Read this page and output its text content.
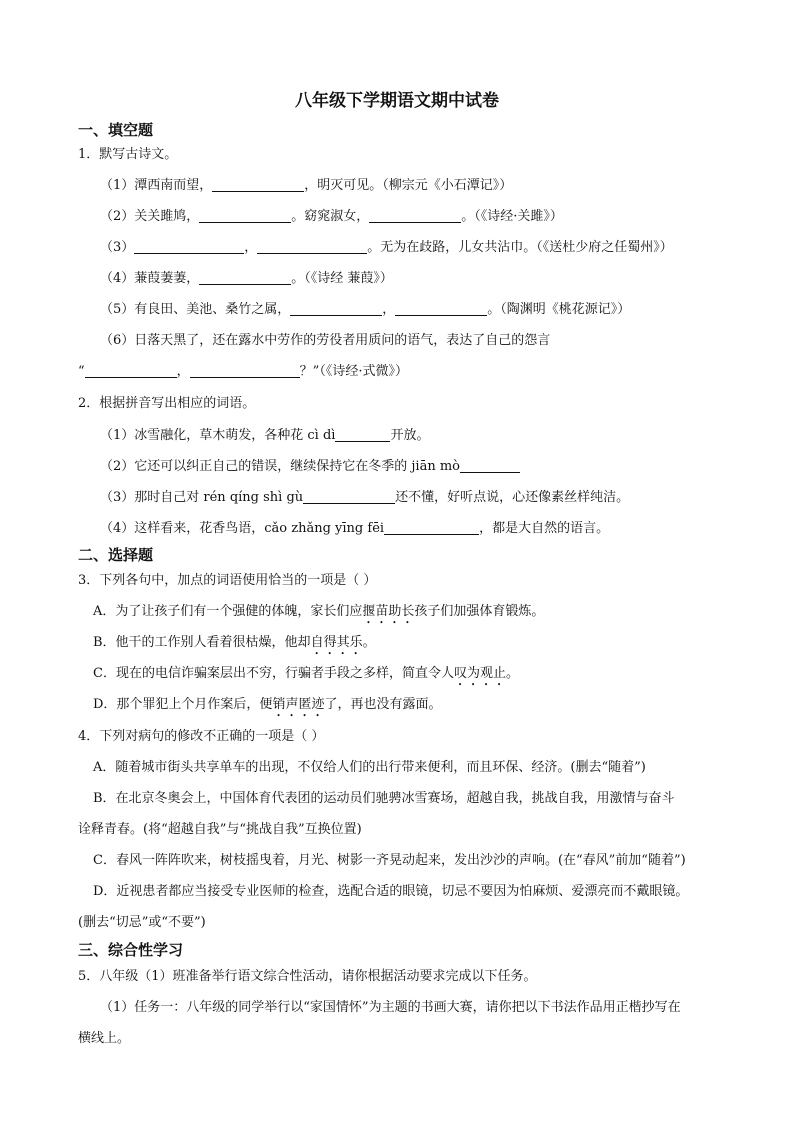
八年级下学期语文期中试卷
一、填空题
1．默写古诗文。
（1）潭西南而望，	，明灭可见。（柳宗元《小石潭记》）
（2）关关雎鸠，	。窈窕淑女，	。（《诗经·关雎》）
（3）	，	。无为在歧路，儿女共沾巾。（《送杜少府之任蜀州》）
（4）蒹葭萋萋，	。（《诗经 蒹葭》）
（5）有良田、美池、桑竹之属，	，	。（陶渊明《桃花源记》）
（6）日落天黑了，还在露水中劳作的劳役者用质问的语气，表达了自己的怨言
“	，	？”（《诗经·式微》）
2．根据拼音写出相应的词语。
（1）冰雪融化，草木萌发，各种花 cì dì	开放。
（2）它还可以纠正自己的错误，继续保持它在冬季的 jiān mò
（3）那时自己对 rén qíng shì gù	还不懂，好听点说，心还像素丝样纯洁。
（4）这样看来，花香鸟语，cǎo zhǎng yīng fēi	，都是大自然的语言。
二、选择题
3．下列各句中，加点的词语使用恰当的一项是（ ）
A．为了让孩子们有一个强健的体魄，家长们应揠苗助长孩子们加强体育锻炼。
B．他干的工作别人看着很枯燥，他却自得其乐。
C．现在的电信诈骗案层出不穷，行骗者手段之多样，简直令人叹为观止。
D．那个罪犯上个月作案后，便销声匿迹了，再也没有露面。
4．下列对病句的修改不正确的一项是（ ）
A．随着城市街头共享单车的出现，不仅给人们的出行带来便利，而且环保、经济。(删去“随着”)
B．在北京冬奥会上，中国体育代表团的运动员们驰骋冰雪赛场，超越自我，挑战自我，用激情与奋斗
诠释青春。(将“超越自我”与“挑战自我”互换位置)
C．春风一阵阵吹来，树枝摇曳着，月光、树影一齐晃动起来，发出沙沙的声响。(在“春风”前加“随着”)
D．近视患者都应当接受专业医师的检查，选配合适的眼镜，切忌不要因为怕麻烦、爱漂亮而不戴眼镜。
(删去“切忌”或“不要”)
三、综合性学习
5．八年级（1）班准备举行语文综合性活动，请你根据活动要求完成以下任务。
（1）任务一：八年级的同学举行以“家国情怀”为主题的书画大赛，请你把以下书法作品用正楷抄写在
横线上。
